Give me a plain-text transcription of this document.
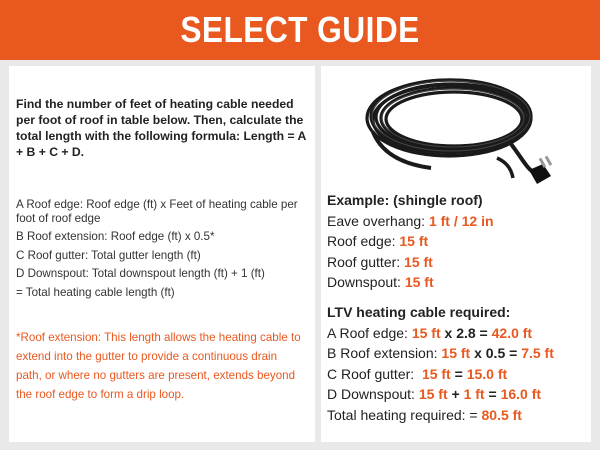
SELECT GUIDE
Find the number of feet of heating cable needed per foot of roof in table below. Then, calculate the total length with the following formula: Length = A + B + C + D.

A Roof edge: Roof edge (ft) x Feet of heating cable per foot of roof edge

B Roof extension: Roof edge (ft) x 0.5*

C Roof gutter: Total gutter length (ft)

D Downspout: Total downspout length (ft) + 1 (ft)

= Total heating cable length (ft)

*Roof extension: This length allows the heating cable to extend into the gutter to provide a continuous drain path, or where no gutters are present, extends beyond the roof edge to form a drip loop.
Example: (shingle roof)
Eave overhang: 1 ft / 12 in
Roof edge: 15 ft
Roof gutter: 15 ft
Downspout: 15 ft
LTV heating cable required:
A Roof edge: 15 ft x 2.8 = 42.0 ft
B Roof extension: 15 ft x 0.5 = 7.5 ft
C Roof gutter:  15 ft = 15.0 ft
D Downspout: 15 ft + 1 ft = 16.0 ft
Total heating required: = 80.5 ft
